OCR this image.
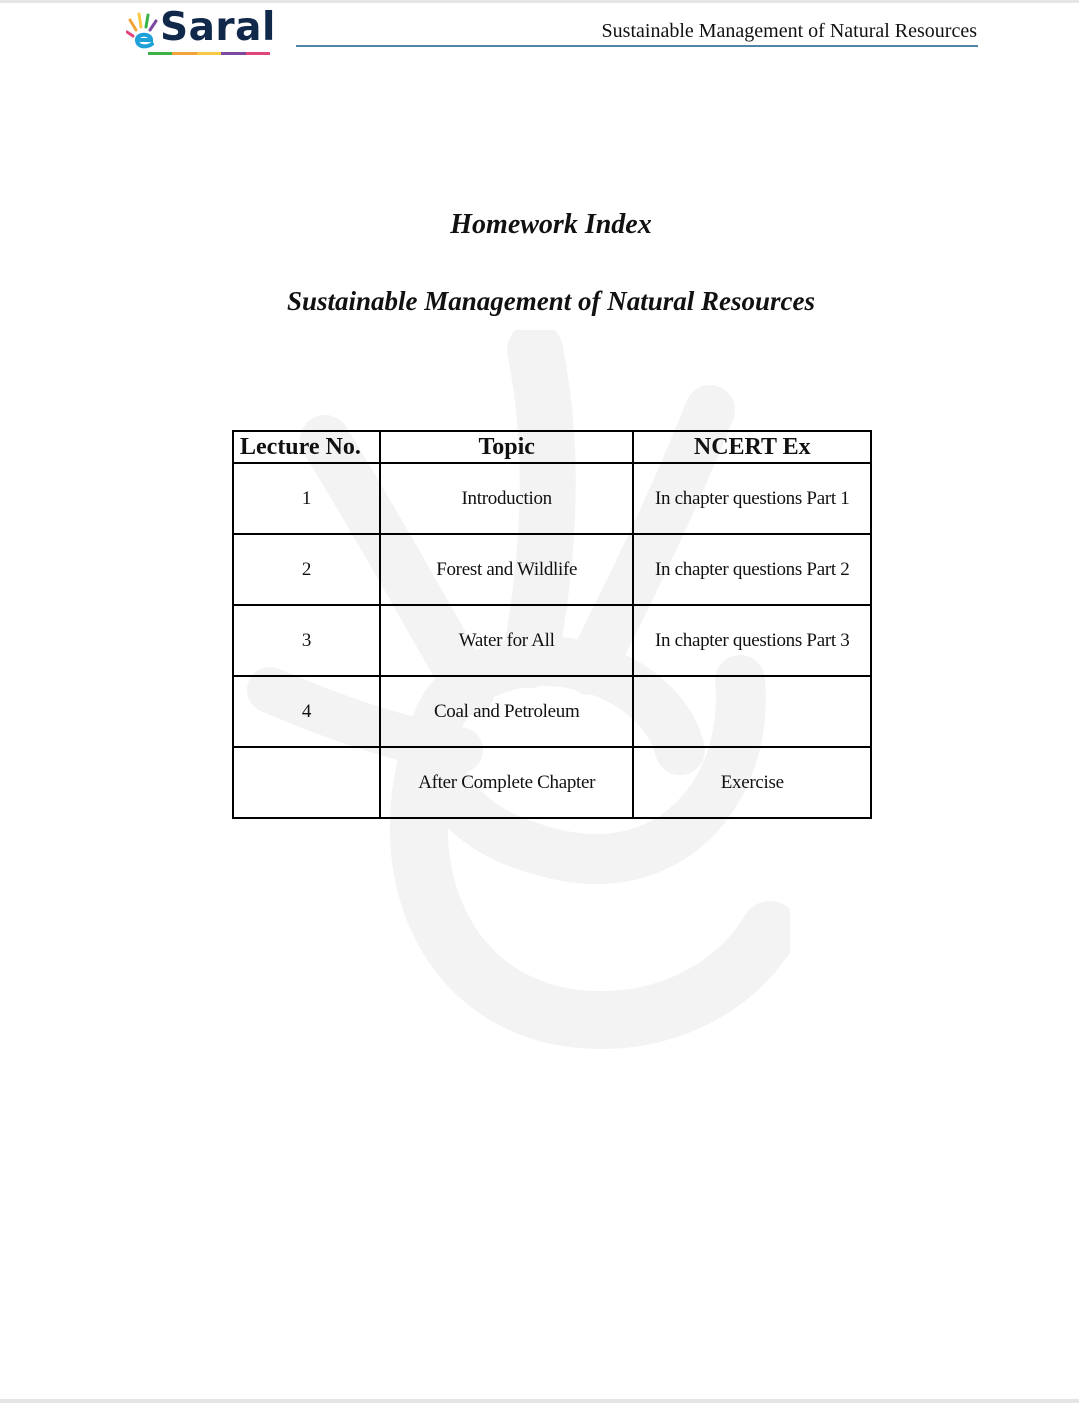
Saral	Sustainable Management of Natural Resources
Homework Index
Sustainable Management of Natural Resources
Lecture No.	Topic	NCERT Ex
1	Introduction	In chapter questions Part 1
2	Forest and Wildlife	In chapter questions Part 2
3	Water for All	In chapter questions Part 3
4	Coal and Petroleum	
	After Complete Chapter	Exercise
